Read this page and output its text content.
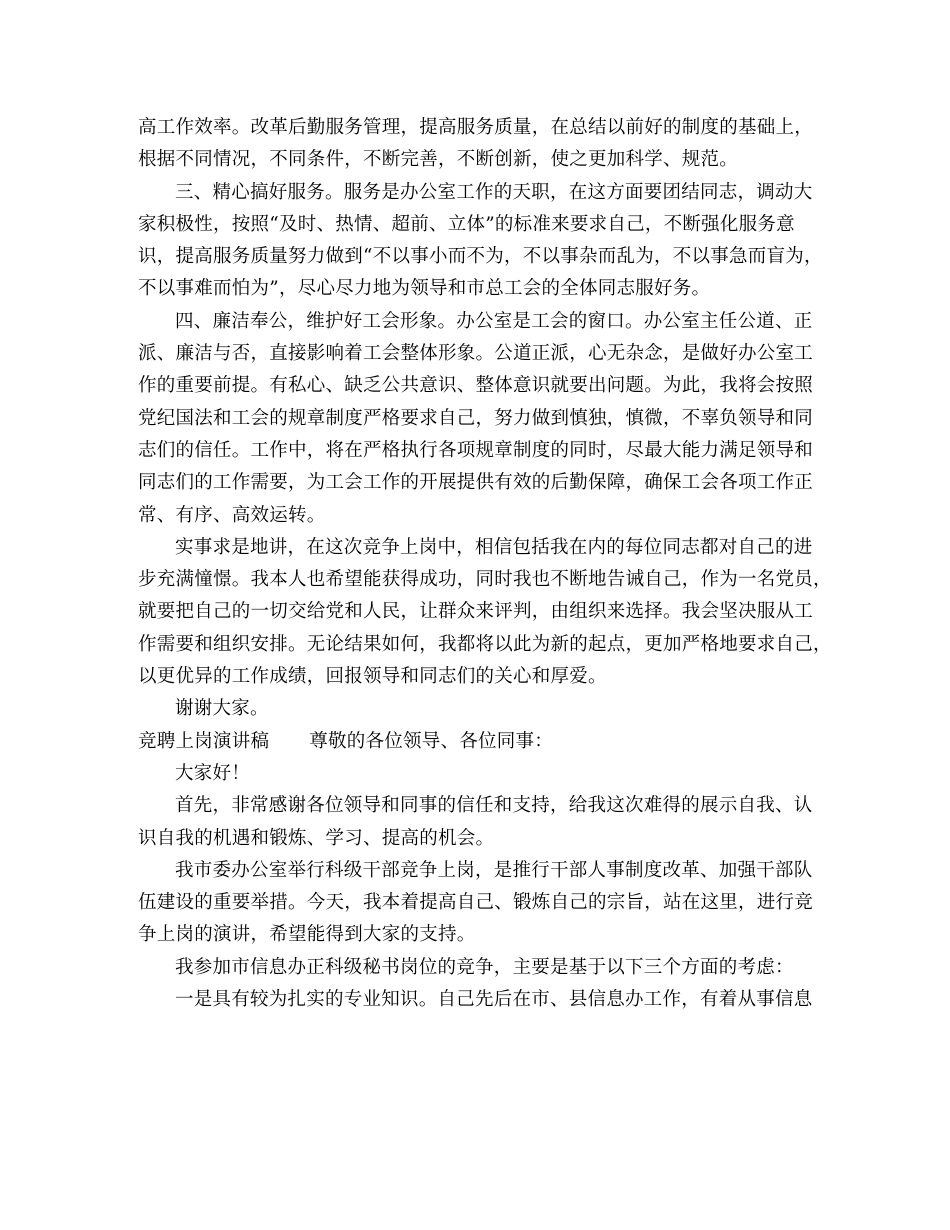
高工作效率。改革后勤服务管理，提高服务质量，在总结以前好的制度的基础上，
根据不同情况，不同条件，不断完善，不断创新，使之更加科学、规范。
三、精心搞好服务。服务是办公室工作的天职，在这方面要团结同志，调动大
家积极性，按照“及时、热情、超前、立体”的标准来要求自己，不断强化服务意
识，提高服务质量努力做到“不以事小而不为，不以事杂而乱为，不以事急而盲为，
不以事难而怕为”，尽心尽力地为领导和市总工会的全体同志服好务。
四、廉洁奉公，维护好工会形象。办公室是工会的窗口。办公室主任公道、正
派、廉洁与否，直接影响着工会整体形象。公道正派，心无杂念，是做好办公室工
作的重要前提。有私心、缺乏公共意识、整体意识就要出问题。为此，我将会按照
党纪国法和工会的规章制度严格要求自己，努力做到慎独，慎微，不辜负领导和同
志们的信任。工作中，将在严格执行各项规章制度的同时，尽最大能力满足领导和
同志们的工作需要，为工会工作的开展提供有效的后勤保障，确保工会各项工作正
常、有序、高效运转。
实事求是地讲，在这次竞争上岗中，相信包括我在内的每位同志都对自己的进
步充满憧憬。我本人也希望能获得成功，同时我也不断地告诫自己，作为一名党员，
就要把自己的一切交给党和人民，让群众来评判，由组织来选择。我会坚决服从工
作需要和组织安排。无论结果如何，我都将以此为新的起点，更加严格地要求自己，
以更优异的工作成绩，回报领导和同志们的关心和厚爱。
谢谢大家。
竞聘上岗演讲稿 尊敬的各位领导、各位同事：
大家好！
首先，非常感谢各位领导和同事的信任和支持，给我这次难得的展示自我、认
识自我的机遇和锻炼、学习、提高的机会。
我市委办公室举行科级干部竞争上岗，是推行干部人事制度改革、加强干部队
伍建设的重要举措。今天，我本着提高自己、锻炼自己的宗旨，站在这里，进行竞
争上岗的演讲，希望能得到大家的支持。
我参加市信息办正科级秘书岗位的竞争，主要是基于以下三个方面的考虑：
一是具有较为扎实的专业知识。自己先后在市、县信息办工作，有着从事信息
